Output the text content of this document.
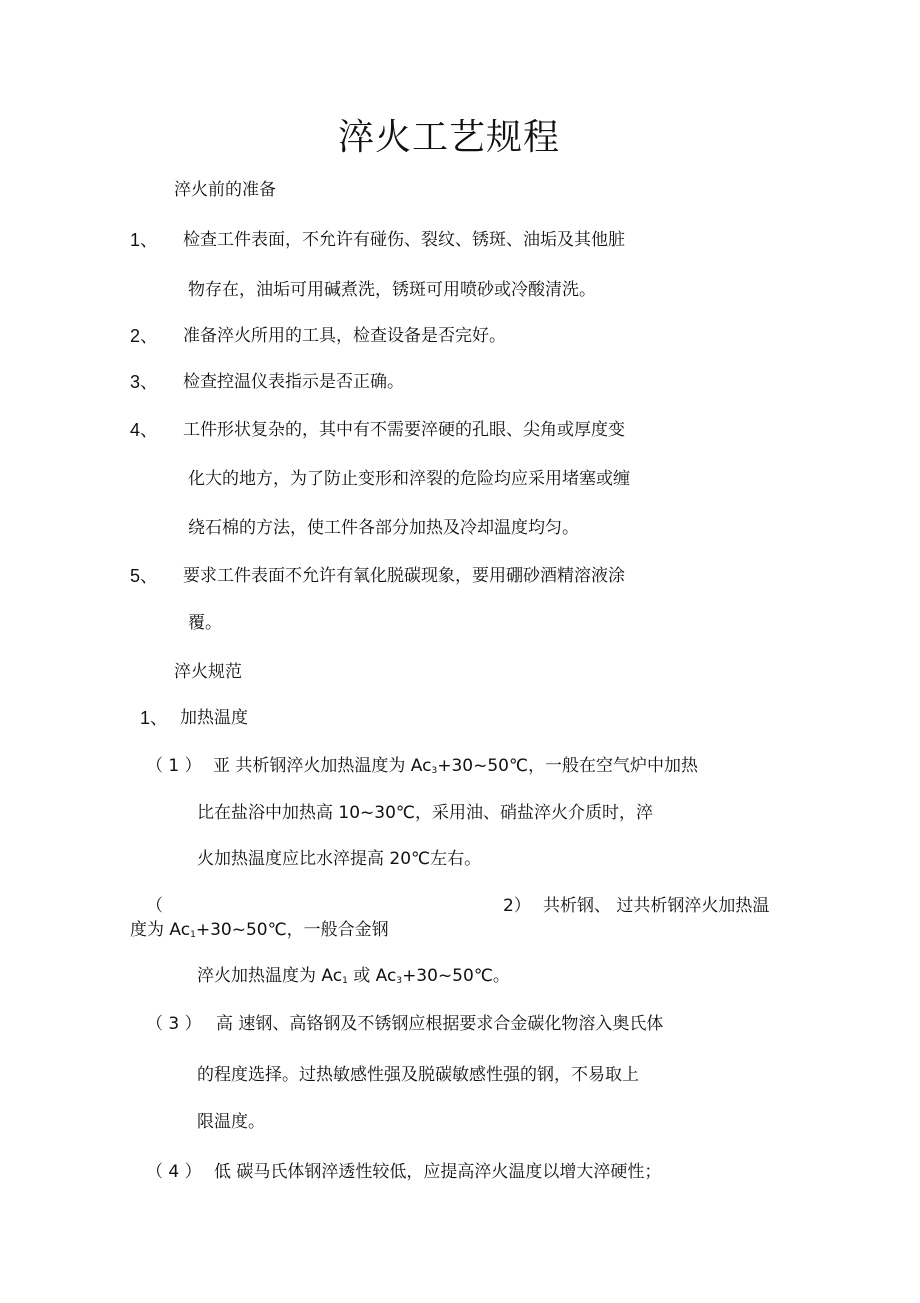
淬火工艺规程
淬火前的准备
1、 检查工件表面，不允许有碰伤、裂纹、锈斑、油垢及其他脏
物存在，油垢可用碱煮洗，锈斑可用喷砂或冷酸清洗。
2、 准备淬火所用的工具，检查设备是否完好。
3、 检查控温仪表指示是否正确。
4、 工件形状复杂的，其中有不需要淬硬的孔眼、尖角或厚度变
化大的地方，为了防止变形和淬裂的危险均应采用堵塞或缠
绕石棉的方法，使工件各部分加热及冷却温度均匀。
5、 要求工件表面不允许有氧化脱碳现象，要用硼砂酒精溶液涂
覆。
淬火规范
1、 加热温度
（ 1 ） 亚 共析钢淬火加热温度为 $Ac_3+30\sim 50℃$，一般在空气炉中加热
比在盐浴中加热高 10~30℃，采用油、硝盐淬火介质时，淬
火加热温度应比水淬提高 20℃左右。
（	2） 共析钢、 过共析钢淬火加热温
度为 $Ac_1+30\sim 50℃$，一般合金钢
淬火加热温度为 $Ac_1$ 或 $Ac_3+30\sim 50℃$。
（ 3 ） 高 速钢、高铬钢及不锈钢应根据要求合金碳化物溶入奥氏体
的程度选择。过热敏感性强及脱碳敏感性强的钢，不易取上
限温度。
（ 4 ） 低 碳马氏体钢淬透性较低，应提高淬火温度以增大淬硬性；
